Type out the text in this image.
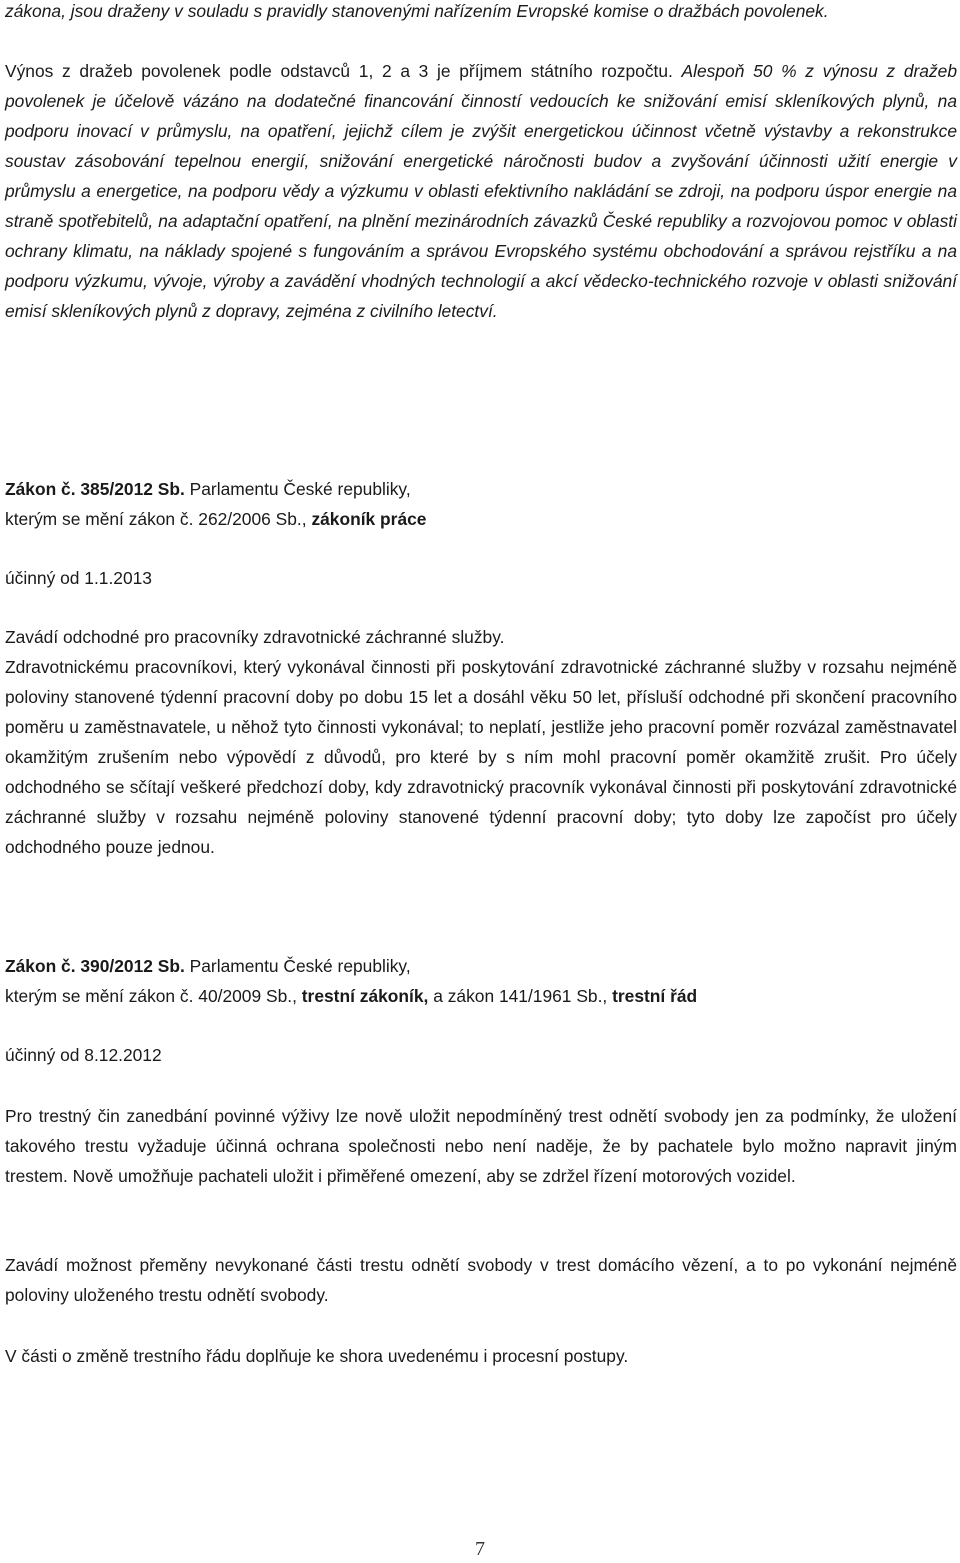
zákona, jsou draženy v souladu s pravidly stanovenými nařízením Evropské komise o dražbách povolenek.

Výnos z dražeb povolenek podle odstavců 1, 2 a 3 je příjmem státního rozpočtu. Alespoň 50 % z výnosu z dražeb povolenek je účelově vázáno na dodatečné financování činností vedoucích ke snižování emisí skleníkových plynů, na podporu inovací v průmyslu, na opatření, jejichž cílem je zvýšit energetickou účinnost včetně výstavby a rekonstrukce soustav zásobování tepelnou energií, snižování energetické náročnosti budov a zvyšování účinnosti užití energie v průmyslu a energetice, na podporu vědy a výzkumu v oblasti efektivního nakládání se zdroji, na podporu úspor energie na straně spotřebitelů, na adaptační opatření, na plnění mezinárodních závazků České republiky a rozvojovou pomoc v oblasti ochrany klimatu, na náklady spojené s fungováním a správou Evropského systému obchodování a správou rejstříku a na podporu výzkumu, vývoje, výroby a zavádění vhodných technologií a akcí vědecko-technického rozvoje v oblasti snižování emisí skleníkových plynů z dopravy, zejména z civilního letectví.

Zákon č. 385/2012 Sb. Parlamentu České republiky,
kterým se mění zákon č. 262/2006 Sb., zákoník práce
účinný od 1.1.2013
Zavádí odchodné pro pracovníky zdravotnické záchranné služby.

Zdravotnickému pracovníkovi, který vykonával činnosti při poskytování zdravotnické záchranné služby v rozsahu nejméně poloviny stanovené týdenní pracovní doby po dobu 15 let a dosáhl věku 50 let, přísluší odchodné při skončení pracovního poměru u zaměstnavatele, u něhož tyto činnosti vykonával; to neplatí, jestliže jeho pracovní poměr rozvázal zaměstnavatel okamžitým zrušením nebo výpovědí z důvodů, pro které by s ním mohl pracovní poměr okamžitě zrušit. Pro účely odchodného se sčítají veškeré předchozí doby, kdy zdravotnický pracovník vykonával činnosti při poskytování zdravotnické záchranné služby v rozsahu nejméně poloviny stanovené týdenní pracovní doby; tyto doby lze započíst pro účely odchodného pouze jednou.

Zákon č. 390/2012 Sb. Parlamentu České republiky,
kterým se mění zákon č. 40/2009 Sb., trestní zákoník, a zákon 141/1961 Sb., trestní řád
účinný od 8.12.2012

Pro trestný čin zanedbání povinné výživy lze nově uložit nepodmíněný trest odnětí svobody jen za podmínky, že uložení takového trestu vyžaduje účinná ochrana společnosti nebo není naděje, že by pachatele bylo možno napravit jiným trestem. Nově umožňuje pachateli uložit i přiměřené omezení, aby se zdržel řízení motorových vozidel.

Zavádí možnost přeměny nevykonané části trestu odnětí svobody v trest domácího vězení, a to po vykonání nejméně poloviny uloženého trestu odnětí svobody.

V části o změně trestního řádu doplňuje ke shora uvedenému i procesní postupy.

7
